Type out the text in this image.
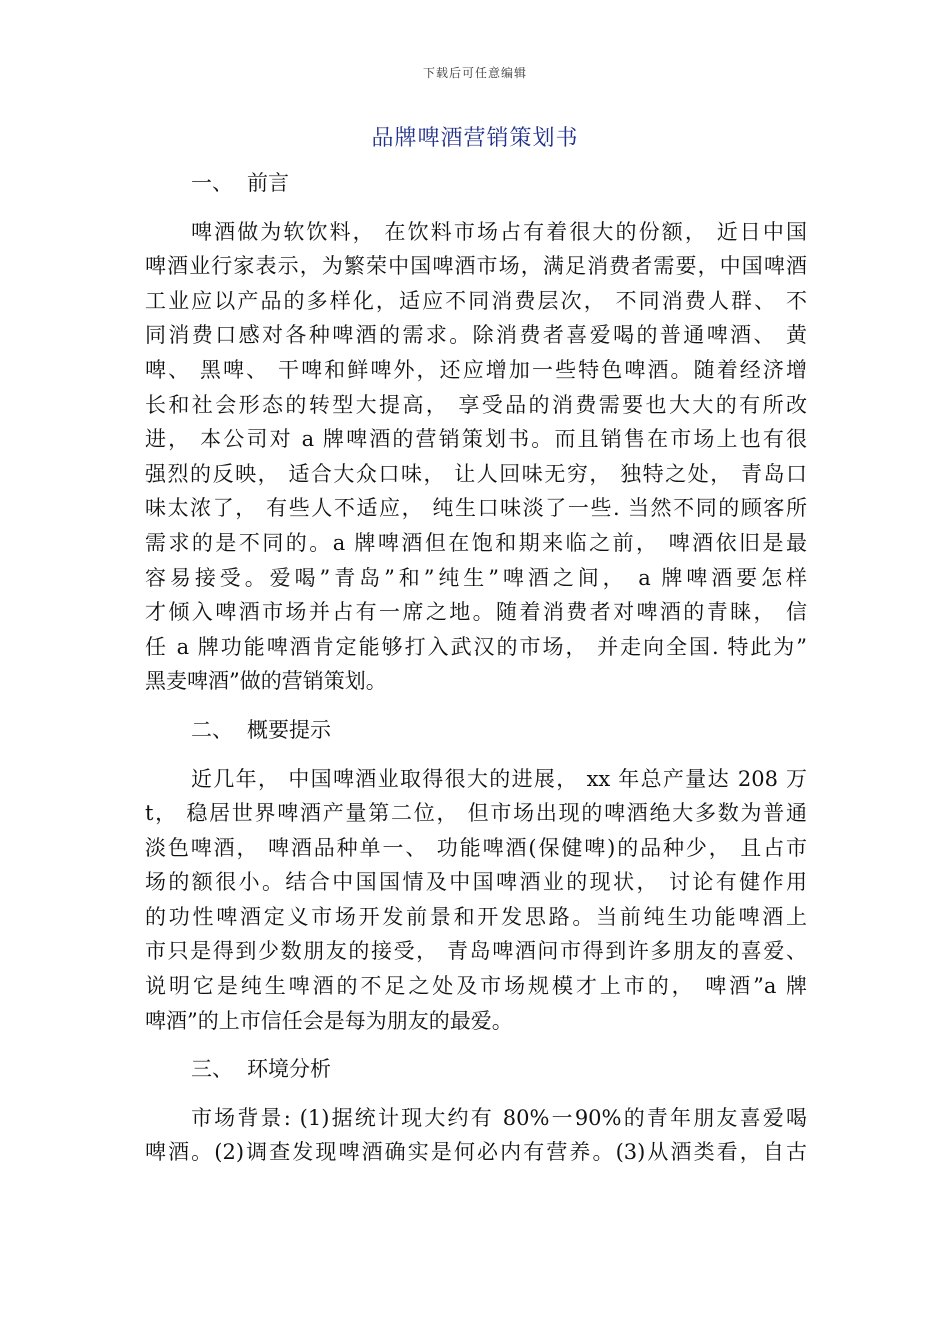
下载后可任意编辑
品牌啤酒营销策划书

一、 前言

啤酒做为软饮料， 在饮料市场占有着很大的份额， 近日中国
啤酒业行家表示，为繁荣中国啤酒市场，满足消费者需要，中国啤酒
工业应以产品的多样化，适应不同消费层次， 不同消费人群、 不
同消费口感对各种啤酒的需求。除消费者喜爱喝的普通啤酒、 黄
啤、 黑啤、 干啤和鲜啤外，还应增加一些特色啤酒。随着经济增
长和社会形态的转型大提高， 享受品的消费需要也大大的有所改
进， 本公司对 a 牌啤酒的营销策划书。而且销售在市场上也有很
强烈的反映， 适合大众口味， 让人回味无穷， 独特之处， 青岛口
味太浓了， 有些人不适应， 纯生口味淡了一些. 当然不同的顾客所
需求的是不同的。a 牌啤酒但在饱和期来临之前， 啤酒依旧是最
容易接受。爱喝”青岛”和”纯生”啤酒之间， a 牌啤酒要怎样
才倾入啤酒市场并占有一席之地。随着消费者对啤酒的青睐， 信
任 a 牌功能啤酒肯定能够打入武汉的市场， 并走向全国. 特此为”
黑麦啤酒”做的营销策划。

二、 概要提示

近几年， 中国啤酒业取得很大的进展， xx 年总产量达 208 万
t， 稳居世界啤酒产量第二位， 但市场出现的啤酒绝大多数为普通
淡色啤酒， 啤酒品种单一、 功能啤酒(保健啤)的品种少， 且占市
场的额很小。结合中国国情及中国啤酒业的现状， 讨论有健作用
的功性啤酒定义市场开发前景和开发思路。当前纯生功能啤酒上
市只是得到少数朋友的接受， 青岛啤酒问市得到许多朋友的喜爱、
说明它是纯生啤酒的不足之处及市场规模才上市的， 啤酒”a 牌
啤酒”的上市信任会是每为朋友的最爱。

三、 环境分析

市场背景: (1)据统计现大约有 80%一90%的青年朋友喜爱喝
啤酒。(2)调查发现啤酒确实是何必内有营养。(3)从酒类看，自古
